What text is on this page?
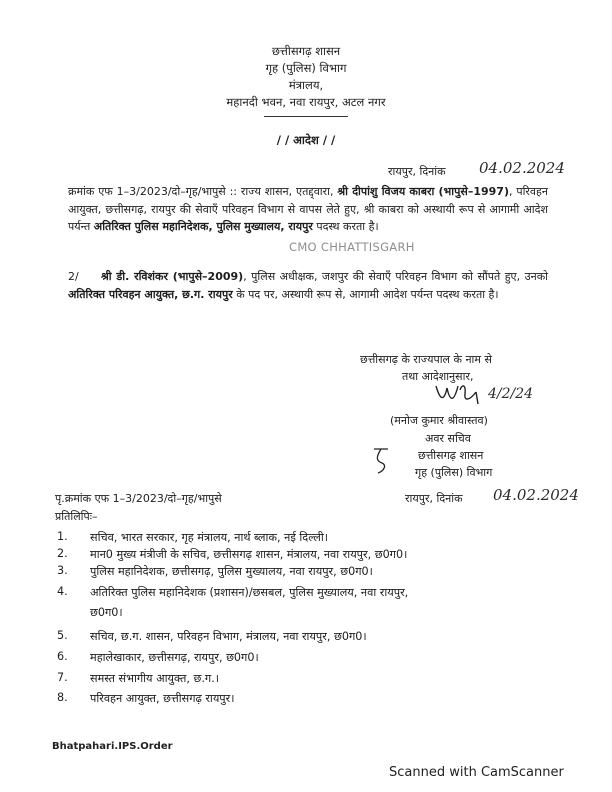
छत्तीसगढ़ शासन
गृह (पुलिस) विभाग
मंत्रालय,
महानदी भवन, नवा रायपुर, अटल नगर
/ / आदेश / /
रायपुर, दिनांक 04.02.2024
क्रमांक एफ 1–3/2023/दो–गृह/भापुसे :: राज्य शासन, एतद्द्वारा, श्री दीपांशु विजय काबरा (भापुसे–1997), परिवहन आयुक्त, छत्तीसगढ़, रायपुर की सेवाएँ परिवहन विभाग से वापस लेते हुए, श्री काबरा को अस्थायी रूप से आगामी आदेश पर्यन्त अतिरिक्त पुलिस महानिदेशक, पुलिस मुख्यालय, रायपुर पदस्थ करता है।
CMO CHHATTISGARH
2/ श्री डी. रविशंकर (भापुसे–2009), पुलिस अधीक्षक, जशपुर की सेवाएँ परिवहन विभाग को सौंपते हुए, उनको अतिरिक्त परिवहन आयुक्त, छ.ग. रायपुर के पद पर, अस्थायी रूप से, आगामी आदेश पर्यन्त पदस्थ करता है।
छत्तीसगढ़ के राज्यपाल के नाम से
तथा आदेशानुसार,
4/2/24
(मनोज कुमार श्रीवास्तव)
अवर सचिव
छत्तीसगढ़ शासन
गृह (पुलिस) विभाग
पृ.क्रमांक एफ 1–3/2023/दो–गृह/भापुसे	रायपुर, दिनांक 04.02.2024
प्रतिलिपिः–
1. सचिव, भारत सरकार, गृह मंत्रालय, नार्थ ब्लाक, नई दिल्ली।
2. मान0 मुख्य मंत्रीजी के सचिव, छत्तीसगढ़ शासन, मंत्रालय, नवा रायपुर, छ0ग0।
3. पुलिस महानिदेशक, छत्तीसगढ़, पुलिस मुख्यालय, नवा रायपुर, छ0ग0।
4. अतिरिक्त पुलिस महानिदेशक (प्रशासन)/छसबल, पुलिस मुख्यालय, नवा रायपुर,
छ0ग0।
5. सचिव, छ.ग. शासन, परिवहन विभाग, मंत्रालय, नवा रायपुर, छ0ग0।
6. महालेखाकार, छत्तीसगढ़, रायपुर, छ0ग0।
7. समस्त संभागीय आयुक्त, छ.ग.।
8. परिवहन आयुक्त, छत्तीसगढ़ रायपुर।
Bhatpahari.IPS.Order
Scanned with CamScanner
